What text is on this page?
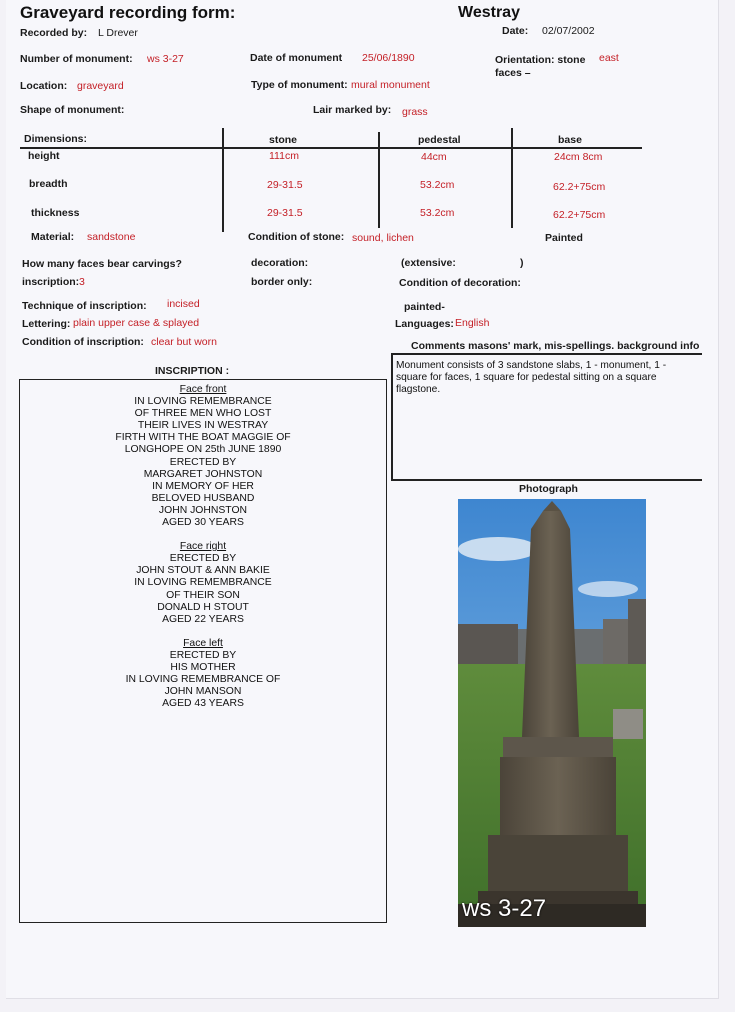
Graveyard recording form:	Westray
Recorded by: L Drever	Date: 02/07/2002
Number of monument: ws 3-27	Date of monument 25/06/1890	Orientation: stone
faces –
east
Location: graveyard	Type of monument: mural monument
Shape of monument:	Lair marked by: grass
Dimensions:	stone	pedestal	base
height	111cm	44cm	24cm 8cm
breadth	29-31.5	53.2cm	62.2+75cm
thickness	29-31.5	53.2cm	62.2+75cm
Material: sandstone	Condition of stone: sound, lichen	Painted
How many faces bear carvings?	decoration:	(extensive:	)
inscription: 3	border only:	Condition of decoration:
Technique of inscription: incised	painted-
Lettering: plain upper case & splayed	Languages: English
Condition of inscription: clear but worn	Comments masons' mark, mis-spellings. background info
Monument consists of 3 sandstone slabs, 1 - monument, 1 - square for faces, 1 square for pedestal sitting on a square flagstone.
INSCRIPTION :
Face front
IN LOVING REMEMBRANCE
OF THREE MEN WHO LOST
THEIR LIVES IN WESTRAY
FIRTH WITH THE BOAT MAGGIE OF
LONGHOPE ON 25th JUNE 1890
ERECTED BY
MARGARET JOHNSTON
IN MEMORY OF HER
BELOVED HUSBAND
JOHN JOHNSTON
AGED 30 YEARS
Face right
ERECTED BY
JOHN STOUT & ANN BAKIE
IN LOVING REMEMBRANCE
OF THEIR SON
DONALD H STOUT
AGED 22 YEARS
Face left
ERECTED BY
HIS MOTHER
IN LOVING REMEMBRANCE OF
JOHN MANSON
AGED 43 YEARS
Photograph
ws 3-27
